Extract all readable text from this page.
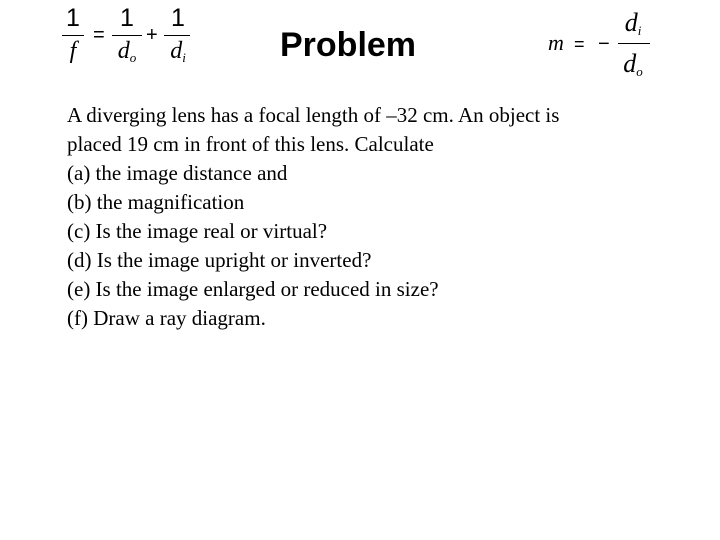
1
f
=
1
do
+
1
di	Problem	m = −
di
do

A diverging lens has a focal length of –32 cm. An object is

placed 19 cm in front of this lens. Calculate

(a) the image distance and

(b) the magnification

(c) Is the image real or virtual?

(d) Is the image upright or inverted?

(e) Is the image enlarged or reduced in size?

(f) Draw a ray diagram.
